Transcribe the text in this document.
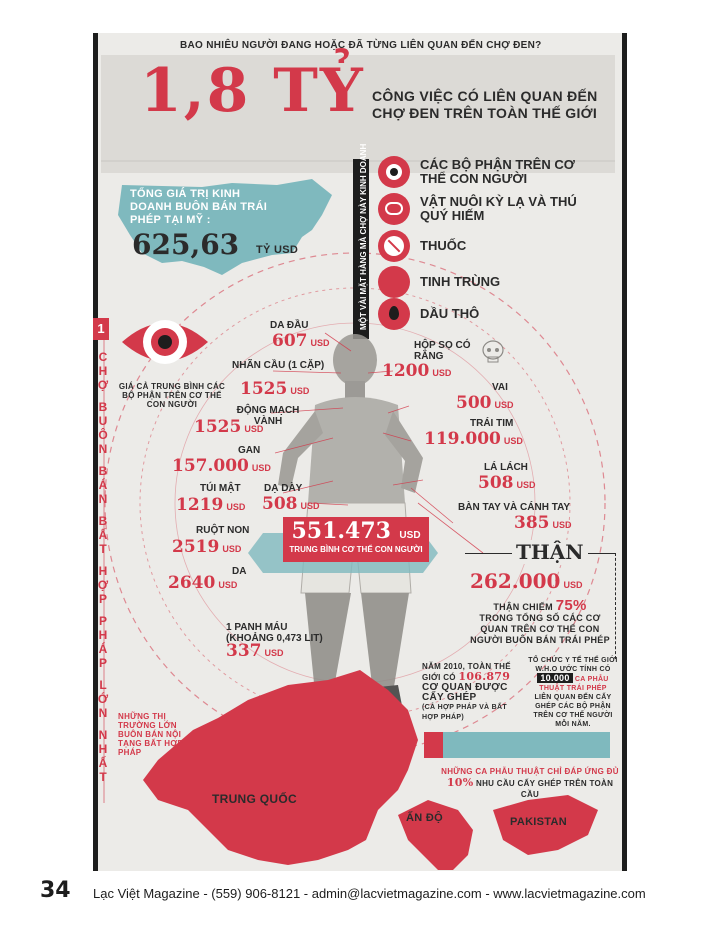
BAO NHIÊU NGƯỜI ĐANG HOẶC ĐÃ TỪNG LIÊN QUAN ĐẾN CHỢ ĐEN?
1,8 TỶ CÔNG VIỆC CÓ LIÊN QUAN ĐẾN
CHỢ ĐEN TRÊN TOÀN THẾ GIỚI
TỔNG GIÁ TRỊ KINH DOANH BUÔN BÁN TRÁI PHÉP TẠI MỸ :
625,63 TỶ USD	MỘT VÀI MẶT HÀNG MÀ CHỢ NÀY KINH DOANH	CÁC BỘ PHẬN TRÊN CƠ THỂ CON NGƯỜI
VẬT NUÔI KỲ LẠ VÀ THÚ QUÝ HIẾM
THUỐC
TINH TRÙNG
DẦU THÔ
1
GIÁ CẢ TRUNG BÌNH CÁC BỘ PHẬN TRÊN CƠ THỂ CON NGƯỜI
C
H
Ợ
B
U
Ô
N
B
Á
N
B
Ấ
T
H
Ợ
P
P
H
Á
P
L
Ớ
N
N
H
Ấ
T
DA ĐẦU
607 USD
NHÃN CẦU (1 CẶP)
1525 USD
ĐỘNG MẠCH VÀNH
1525 USD
GAN
157.000 USD
TÚI MẬT
1219 USD
DẠ DÀY
508 USD
RUỘT NON
2519 USD
DA
2640 USD
1 PANH MÁU (KHOẢNG 0,473 LIT)
337 USD
HỘP SỌ CÓ RĂNG
1200 USD
VAI
500 USD
TRÁI TIM
119.000 USD
LÁ LÁCH
508 USD
BÀN TAY VÀ CÁNH TAY
385 USD
551.473 USD
TRUNG BÌNH CƠ THỂ CON NGƯỜI	THẬN
262.000 USD
THẬN CHIẾM 75%
TRONG TỔNG SỐ CÁC CƠ QUAN TRÊN CƠ THỂ CON NGƯỜI BUÔN BÁN TRÁI PHÉP
NĂM 2010, TOÀN THẾ GIỚI CÓ 106.879
CƠ QUAN ĐƯỢC CẤY GHÉP
(CẢ HỢP PHÁP VÀ BẤT HỢP PHÁP)
TỔ CHỨC Y TẾ THẾ GIỚI W.H.O ƯỚC TÍNH CÓ
10.000 CA PHẪU THUẬT TRÁI PHÉP
LIÊN QUAN ĐẾN CẤY GHÉP CÁC BỘ PHẬN TRÊN CƠ THỂ NGƯỜI MỖI NĂM.
NHỮNG CA PHẪU THUẬT CHỈ ĐÁP ỨNG ĐỦ
10% NHU CẦU CẤY GHÉP TRÊN TOÀN CẦU
NHỮNG THỊ TRƯỜNG LỚN BUÔN BÁN NỘI TẠNG BẤT HỢP PHÁP
TRUNG QUỐC
ẤN ĐỘ	PAKISTAN
34 Lạc Việt Magazine - (559) 906-8121 - admin@lacvietmagazine.com - www.lacvietmagazine.com
